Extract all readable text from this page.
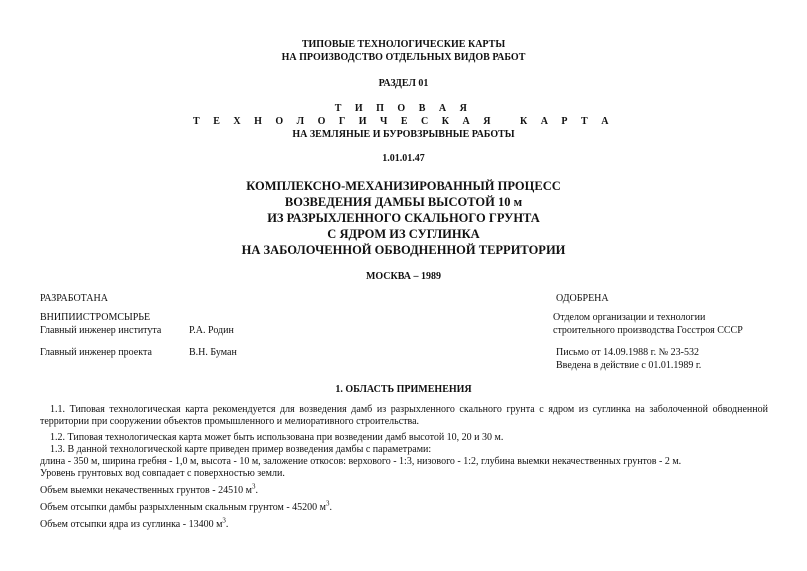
ТИПОВЫЕ ТЕХНОЛОГИЧЕСКИЕ КАРТЫ
НА ПРОИЗВОДСТВО ОТДЕЛЬНЫХ ВИДОВ РАБОТ
РАЗДЕЛ 01
Т И П О В А Я
Т Е Х Н О Л О Г И Ч Е С К А Я   К А Р Т А
НА ЗЕМЛЯНЫЕ И БУРОВЗРЫВНЫЕ РАБОТЫ
1.01.01.47
КОМПЛЕКСНО-МЕХАНИЗИРОВАННЫЙ ПРОЦЕСС
ВОЗВЕДЕНИЯ ДАМБЫ ВЫСОТОЙ 10 м
ИЗ РАЗРЫХЛЕННОГО СКАЛЬНОГО ГРУНТА
С ЯДРОМ ИЗ СУГЛИНКА
НА ЗАБОЛОЧЕННОЙ ОБВОДНЕННОЙ ТЕРРИТОРИИ
МОСКВА – 1989
РАЗРАБОТАНА	ОДОБРЕНА
ВНИПИИСТРОМСЫРЬЕ	Отделом организации и технологии
Главный инженер института	Р.А. Родин	строительного производства Госстроя СССР
Главный инженер проекта	В.Н. Буман	Письмо от 14.09.1988 г. № 23-532
Введена в действие с 01.01.1989 г.
1. ОБЛАСТЬ ПРИМЕНЕНИЯ
1.1. Типовая технологическая карта рекомендуется для возведения дамб из разрыхленного скального грунта с ядром из суглинка на заболоченной обводненной территории при сооружении объектов промышленного и мелиоративного строительства.
1.2. Типовая технологическая карта может быть использована при возведении дамб высотой 10, 20 и 30 м.
1.3. В данной технологической карте приведен пример возведения дамбы с параметрами:
длина - 350 м, ширина гребня - 1,0 м, высота - 10 м, заложение откосов: верхового - 1:3, низового - 1:2, глубина выемки некачественных грунтов - 2 м.
Уровень грунтовых вод совпадает с поверхностью земли.
Объем выемки некачественных грунтов - 24510 $м^3$.
Объем отсыпки дамбы разрыхленным скальным грунтом - 45200 $м^3$.
Объем отсыпки ядра из суглинка - 13400 $м^3$.
